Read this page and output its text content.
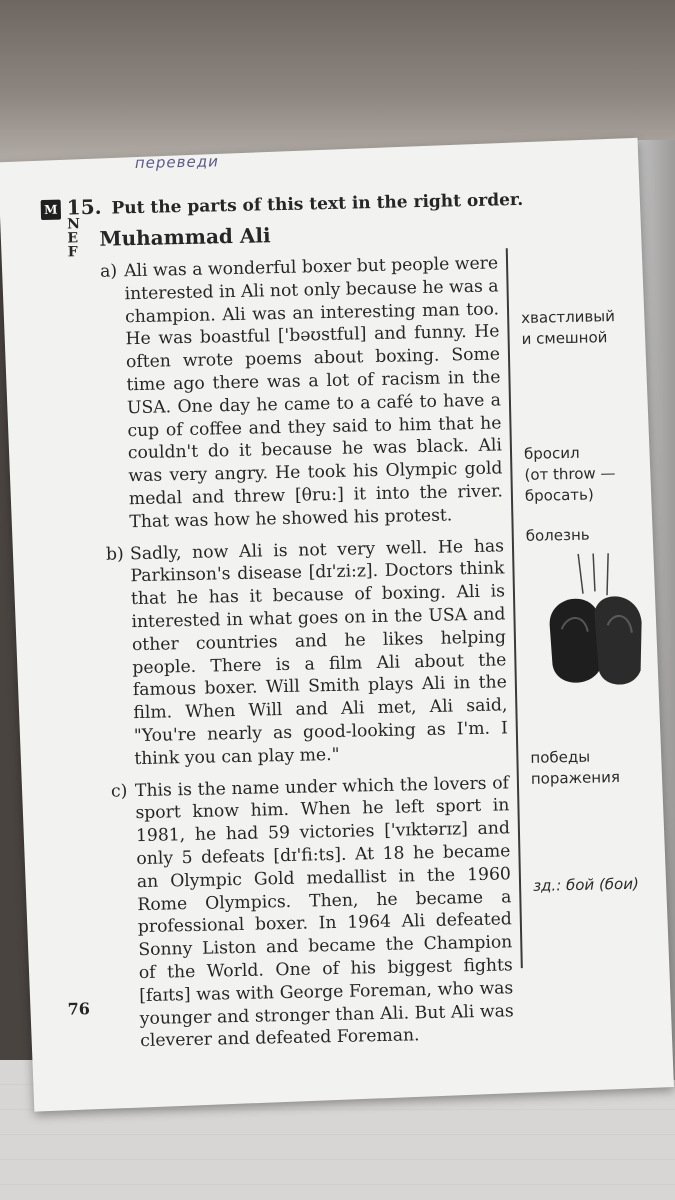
переведи
M
N
E
F
15. Put the parts of this text in the right order.
Muhammad Ali
a) Ali was a wonderful boxer but people were interested in Ali not only because he was a champion. Ali was an interesting man too. He was boastful ['bəʊstful] and funny. He often wrote poems about boxing. Some time ago there was a lot of racism in the USA. One day he came to a café to have a cup of coffee and they said to him that he couldn't do it because he was black. Ali was very angry. He took his Olympic gold medal and threw [θru:] it into the river. That was how he showed his protest.
b) Sadly, now Ali is not very well. He has Parkinson's disease [dɪ'zi:z]. Doctors think that he has it because of boxing. Ali is interested in what goes on in the USA and other countries and he likes helping people. There is a film Ali about the famous boxer. Will Smith plays Ali in the film. When Will and Ali met, Ali said, "You're nearly as good-looking as I'm. I think you can play me."
c) This is the name under which the lovers of sport know him. When he left sport in 1981, he had 59 victories ['vɪktərɪz] and only 5 defeats [dɪ'fi:ts]. At 18 he became an Olympic Gold medallist in the 1960 Rome Olympics. Then, he became a professional boxer. In 1964 Ali defeated Sonny Liston and became the Champion of the World. One of his biggest fights [faɪts] was with George Foreman, who was younger and stronger than Ali. But Ali was cleverer and defeated Foreman.
хвастливый
и смешной
бросил
(от throw —
бросать)
болезнь
победы
поражения
зд.: бой (бои)
76
